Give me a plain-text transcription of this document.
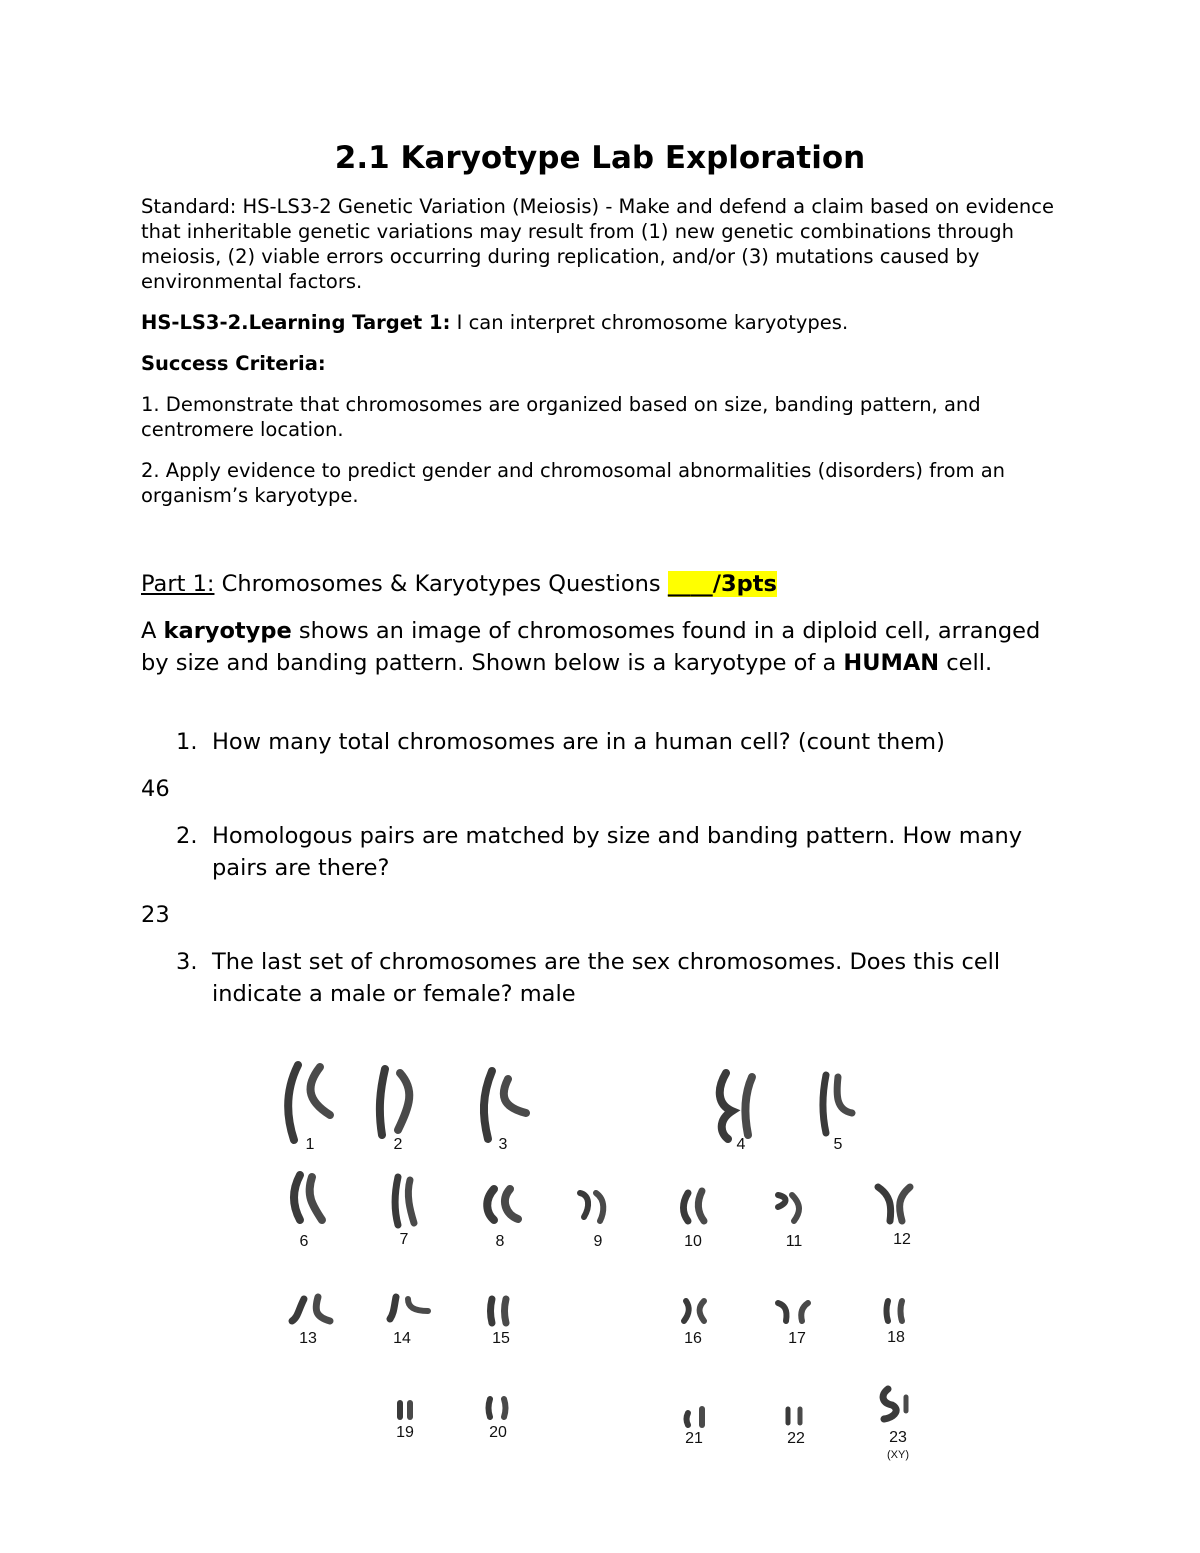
2.1 Karyotype Lab Exploration
Standard: HS-LS3-2 Genetic Variation (Meiosis) - Make and defend a claim based on evidence that inheritable genetic variations may result from (1) new genetic combinations through meiosis, (2) viable errors occurring during replication, and/or (3) mutations caused by environmental factors.
HS-LS3-2.Learning Target 1: I can interpret chromosome karyotypes.
Success Criteria:
1. Demonstrate that chromosomes are organized based on size, banding pattern, and centromere location.
2. Apply evidence to predict gender and chromosomal abnormalities (disorders) from an organism’s karyotype.
Part 1: Chromosomes & Karyotypes Questions ____/3pts
A karyotype shows an image of chromosomes found in a diploid cell, arranged by size and banding pattern. Shown below is a karyotype of a HUMAN cell.
1. How many total chromosomes are in a human cell? (count them)
46
2. Homologous pairs are matched by size and banding pattern. How many pairs are there?
23
3. The last set of chromosomes are the sex chromosomes. Does this cell indicate a male or female? male
1	2	3	4	5
6	7	8	9	10	11	12
13	14	15	16	17	18
19	20	21	22	23
(XY)
